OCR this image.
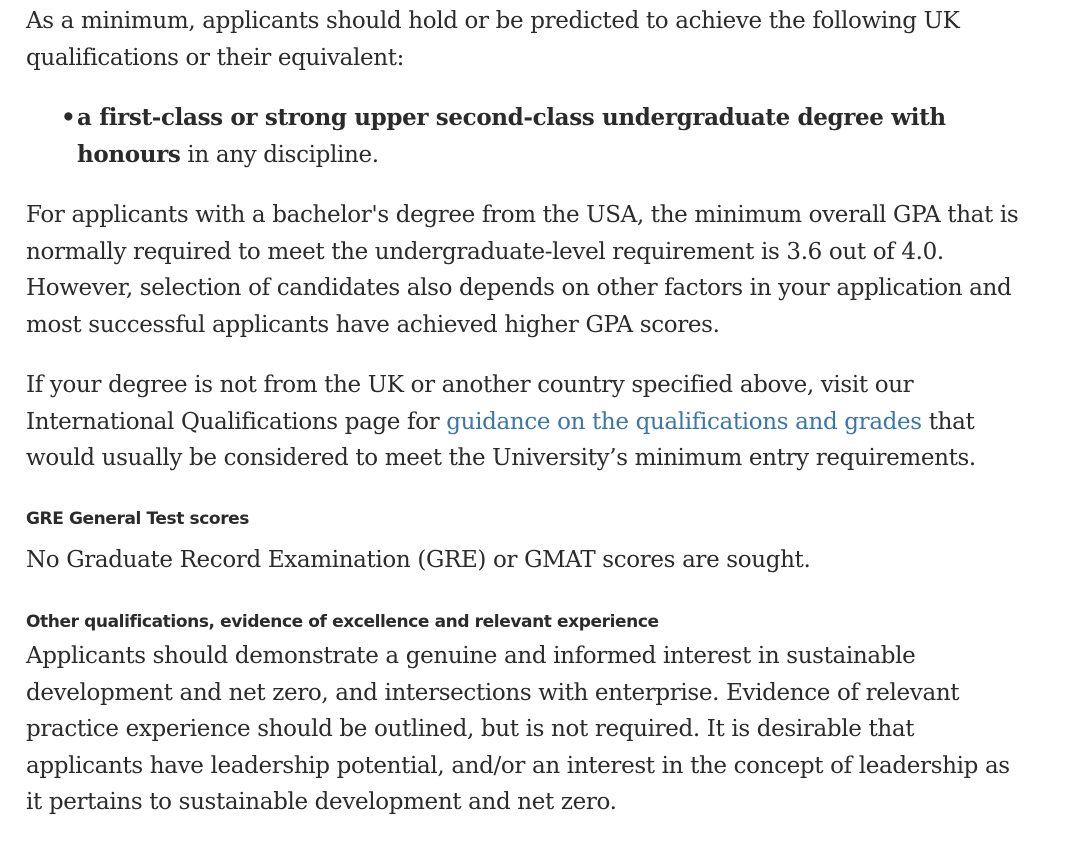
As a minimum, applicants should hold or be predicted to achieve the following UK qualifications or their equivalent:

• a first-class or strong upper second-class undergraduate degree with honours in any discipline.

For applicants with a bachelor's degree from the USA, the minimum overall GPA that is normally required to meet the undergraduate-level requirement is 3.6 out of 4.0. However, selection of candidates also depends on other factors in your application and most successful applicants have achieved higher GPA scores.

If your degree is not from the UK or another country specified above, visit our International Qualifications page for guidance on the qualifications and grades that would usually be considered to meet the University’s minimum entry requirements.

GRE General Test scores

No Graduate Record Examination (GRE) or GMAT scores are sought.

Other qualifications, evidence of excellence and relevant experience

Applicants should demonstrate a genuine and informed interest in sustainable development and net zero, and intersections with enterprise. Evidence of relevant practice experience should be outlined, but is not required. It is desirable that applicants have leadership potential, and/or an interest in the concept of leadership as it pertains to sustainable development and net zero.
